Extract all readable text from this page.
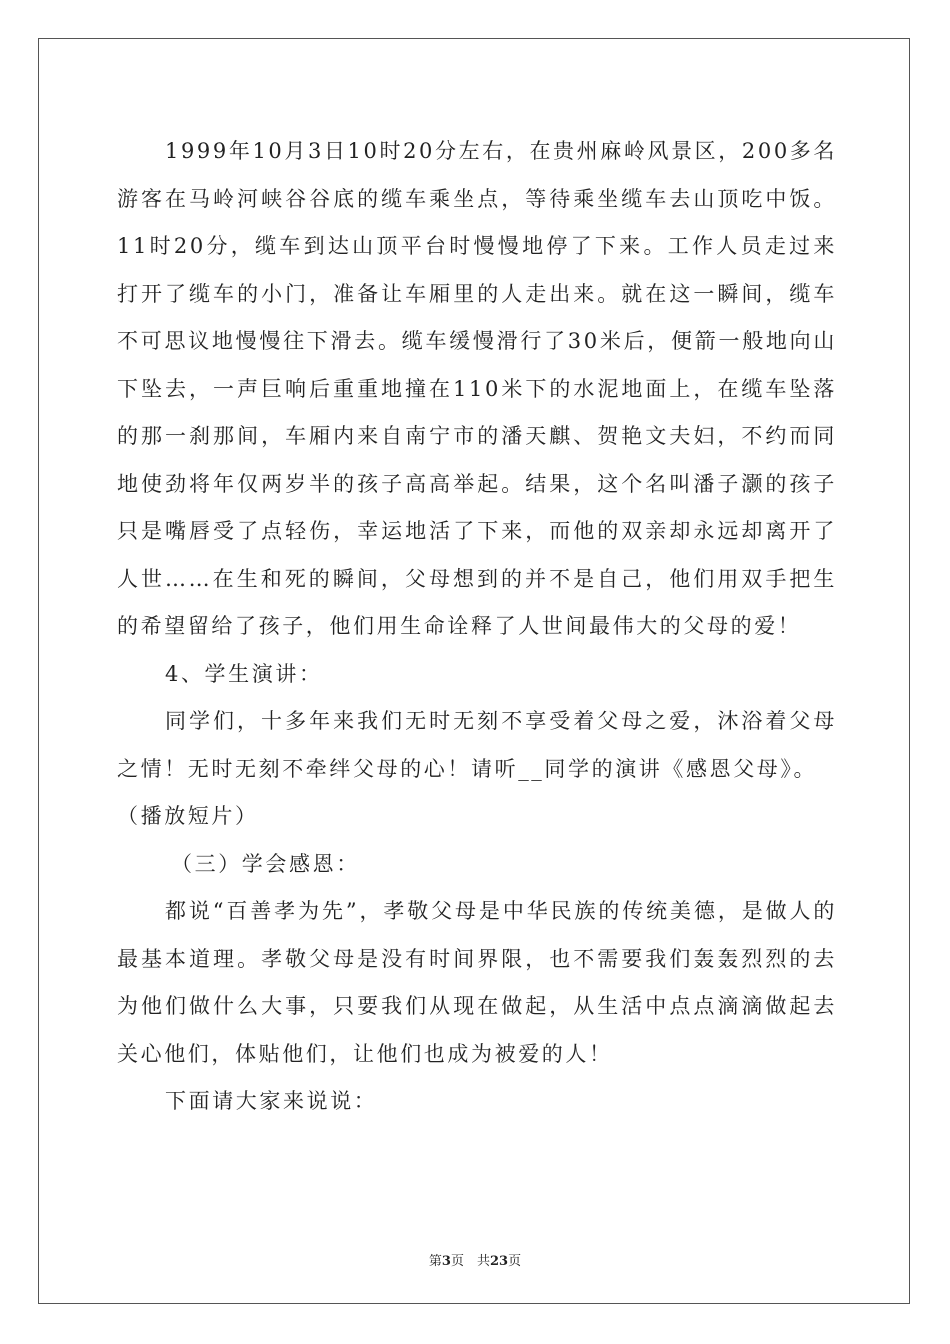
1999年10月3日10时20分左右，在贵州麻岭风景区，200多名游客在马岭河峡谷谷底的缆车乘坐点，等待乘坐缆车去山顶吃中饭。11时20分，缆车到达山顶平台时慢慢地停了下来。工作人员走过来打开了缆车的小门，准备让车厢里的人走出来。就在这一瞬间，缆车不可思议地慢慢往下滑去。缆车缓慢滑行了30米后，便箭一般地向山下坠去，一声巨响后重重地撞在110米下的水泥地面上，在缆车坠落的那一刹那间，车厢内来自南宁市的潘天麒、贺艳文夫妇，不约而同地使劲将年仅两岁半的孩子高高举起。结果，这个名叫潘子灏的孩子只是嘴唇受了点轻伤，幸运地活了下来，而他的双亲却永远却离开了人世……在生和死的瞬间，父母想到的并不是自己，他们用双手把生的希望留给了孩子，他们用生命诠释了人世间最伟大的父母的爱！

4、学生演讲：

同学们，十多年来我们无时无刻不享受着父母之爱，沐浴着父母之情！无时无刻不牵绊父母的心！请听__同学的演讲《感恩父母》。

（播放短片）

（三）学会感恩：

都说“百善孝为先”，孝敬父母是中华民族的传统美德，是做人的最基本道理。孝敬父母是没有时间界限，也不需要我们轰轰烈烈的去为他们做什么大事，只要我们从现在做起，从生活中点点滴滴做起去关心他们，体贴他们，让他们也成为被爱的人！

下面请大家来说说：

第3页　共23页
